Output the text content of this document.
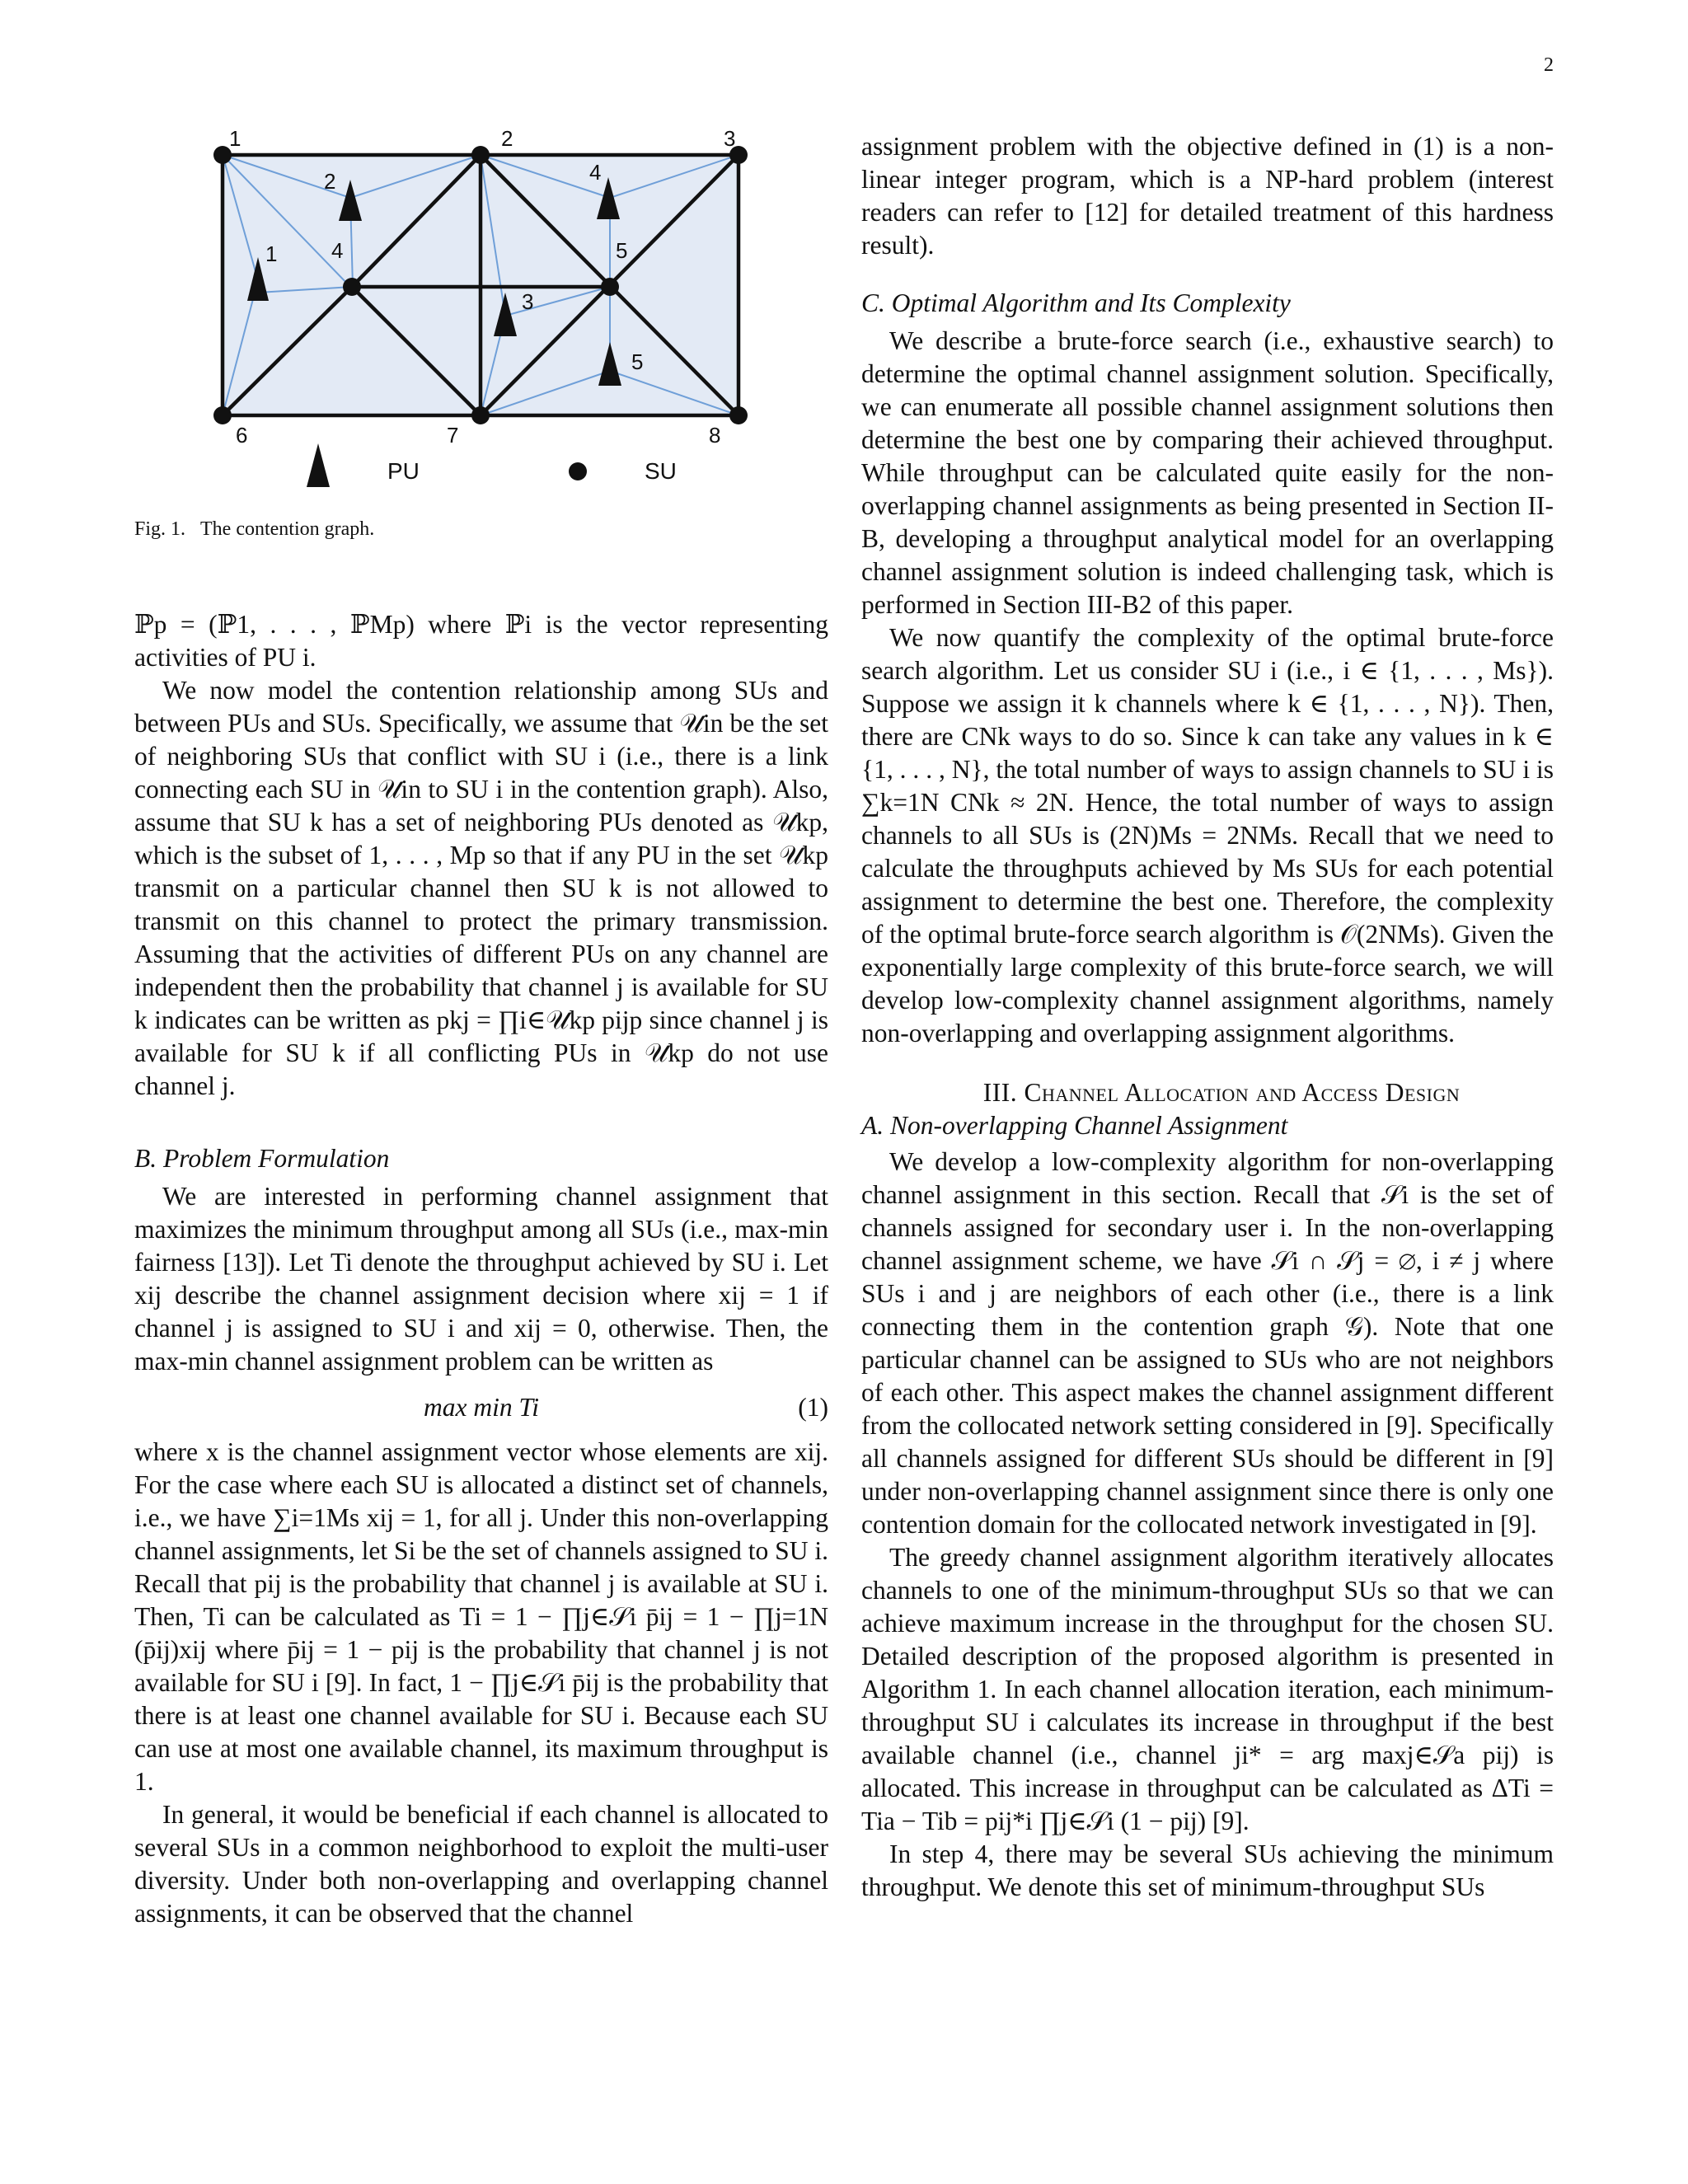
2
1	2	3
4	5
6	7	8
1
2
3
4
5
PU	SU
Fig. 1. The contention graph.

ℙp = (ℙ1, . . . , ℙMp) where ℙi is the vector representing activities of PU i.

We now model the contention relationship among SUs and between PUs and SUs. Specifically, we assume that 𝒰in be the set of neighboring SUs that conflict with SU i (i.e., there is a link connecting each SU in 𝒰in to SU i in the contention graph). Also, assume that SU k has a set of neighboring PUs denoted as 𝒰kp, which is the subset of 1, . . . , Mp so that if any PU in the set 𝒰kp transmit on a particular channel then SU k is not allowed to transmit on this channel to protect the primary transmission. Assuming that the activities of different PUs on any channel are independent then the probability that channel j is available for SU k indicates can be written as pkj = ∏i∈𝒰kp pijp since channel j is available for SU k if all conflicting PUs in 𝒰kp do not use channel j.

B. Problem Formulation

We are interested in performing channel assignment that maximizes the minimum throughput among all SUs (i.e., max-min fairness [13]). Let Ti denote the throughput achieved by SU i. Let xij describe the channel assignment decision where xij = 1 if channel j is assigned to SU i and xij = 0, otherwise. Then, the max-min channel assignment problem can be written as

max min Ti	(1)

where x is the channel assignment vector whose elements are xij. For the case where each SU is allocated a distinct set of channels, i.e., we have ∑i=1Ms xij = 1, for all j. Under this non-overlapping channel assignments, let Si be the set of channels assigned to SU i. Recall that pij is the probability that channel j is available at SU i. Then, Ti can be calculated as Ti = 1 − ∏j∈𝒮i p̄ij = 1 − ∏j=1N (p̄ij)xij where p̄ij = 1 − pij is the probability that channel j is not available for SU i [9]. In fact, 1 − ∏j∈𝒮i p̄ij is the probability that there is at least one channel available for SU i. Because each SU can use at most one available channel, its maximum throughput is 1.

In general, it would be beneficial if each channel is allocated to several SUs in a common neighborhood to exploit the multi-user diversity. Under both non-overlapping and overlapping channel assignments, it can be observed that the channel

assignment problem with the objective defined in (1) is a non-linear integer program, which is a NP-hard problem (interest readers can refer to [12] for detailed treatment of this hardness result).

C. Optimal Algorithm and Its Complexity

We describe a brute-force search (i.e., exhaustive search) to determine the optimal channel assignment solution. Specifically, we can enumerate all possible channel assignment solutions then determine the best one by comparing their achieved throughput. While throughput can be calculated quite easily for the non-overlapping channel assignments as being presented in Section II-B, developing a throughput analytical model for an overlapping channel assignment solution is indeed challenging task, which is performed in Section III-B2 of this paper.

We now quantify the complexity of the optimal brute-force search algorithm. Let us consider SU i (i.e., i ∈ {1, . . . , Ms}). Suppose we assign it k channels where k ∈ {1, . . . , N}). Then, there are CNk ways to do so. Since k can take any values in k ∈ {1, . . . , N}, the total number of ways to assign channels to SU i is ∑k=1N CNk ≈ 2N. Hence, the total number of ways to assign channels to all SUs is (2N)Ms = 2NMs. Recall that we need to calculate the throughputs achieved by Ms SUs for each potential assignment to determine the best one. Therefore, the complexity of the optimal brute-force search algorithm is 𝒪(2NMs). Given the exponentially large complexity of this brute-force search, we will develop low-complexity channel assignment algorithms, namely non-overlapping and overlapping assignment algorithms.

III. Channel Allocation and Access Design

A. Non-overlapping Channel Assignment

We develop a low-complexity algorithm for non-overlapping channel assignment in this section. Recall that 𝒮i is the set of channels assigned for secondary user i. In the non-overlapping channel assignment scheme, we have 𝒮i ∩ 𝒮j = ∅, i ≠ j where SUs i and j are neighbors of each other (i.e., there is a link connecting them in the contention graph 𝒢). Note that one particular channel can be assigned to SUs who are not neighbors of each other. This aspect makes the channel assignment different from the collocated network setting considered in [9]. Specifically all channels assigned for different SUs should be different in [9] under non-overlapping channel assignment since there is only one contention domain for the collocated network investigated in [9].

The greedy channel assignment algorithm iteratively allocates channels to one of the minimum-throughput SUs so that we can achieve maximum increase in the throughput for the chosen SU. Detailed description of the proposed algorithm is presented in Algorithm 1. In each channel allocation iteration, each minimum-throughput SU i calculates its increase in throughput if the best available channel (i.e., channel ji* = arg maxj∈𝒮a pij) is allocated. This increase in throughput can be calculated as ΔTi = Tia − Tib = pij*i ∏j∈𝒮i (1 − pij) [9].

In step 4, there may be several SUs achieving the minimum throughput. We denote this set of minimum-throughput SUs
